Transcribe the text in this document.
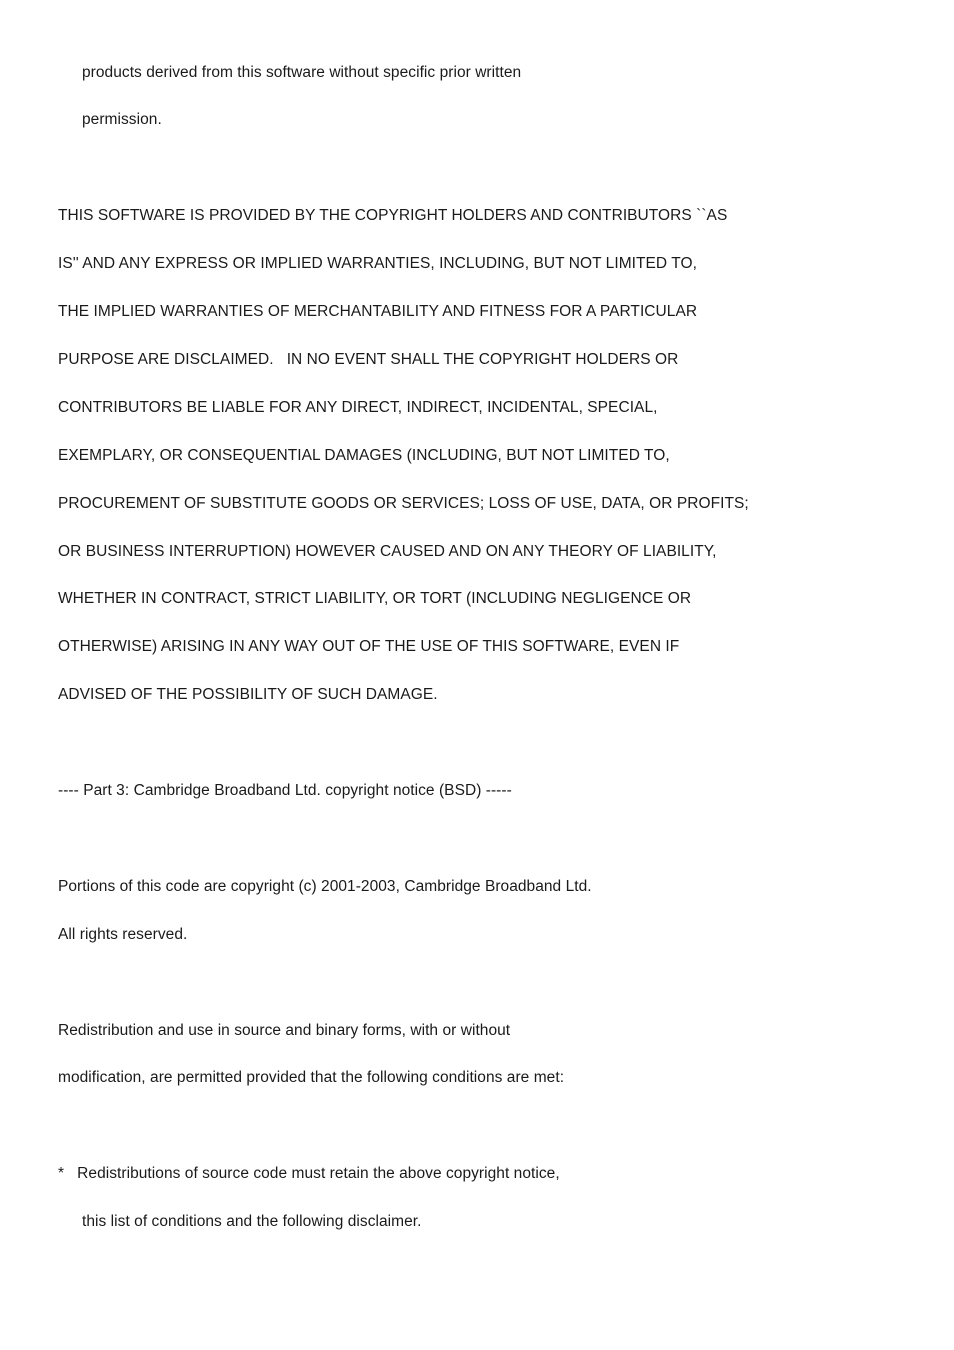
products derived from this software without specific prior written
permission.
THIS SOFTWARE IS PROVIDED BY THE COPYRIGHT HOLDERS AND CONTRIBUTORS ``AS
IS'' AND ANY EXPRESS OR IMPLIED WARRANTIES, INCLUDING, BUT NOT LIMITED TO,
THE IMPLIED WARRANTIES OF MERCHANTABILITY AND FITNESS FOR A PARTICULAR
PURPOSE ARE DISCLAIMED.   IN NO EVENT SHALL THE COPYRIGHT HOLDERS OR
CONTRIBUTORS BE LIABLE FOR ANY DIRECT, INDIRECT, INCIDENTAL, SPECIAL,
EXEMPLARY, OR CONSEQUENTIAL DAMAGES (INCLUDING, BUT NOT LIMITED TO,
PROCUREMENT OF SUBSTITUTE GOODS OR SERVICES; LOSS OF USE, DATA, OR PROFITS;
OR BUSINESS INTERRUPTION) HOWEVER CAUSED AND ON ANY THEORY OF LIABILITY,
WHETHER IN CONTRACT, STRICT LIABILITY, OR TORT (INCLUDING NEGLIGENCE OR
OTHERWISE) ARISING IN ANY WAY OUT OF THE USE OF THIS SOFTWARE, EVEN IF
ADVISED OF THE POSSIBILITY OF SUCH DAMAGE.
---- Part 3: Cambridge Broadband Ltd. copyright notice (BSD) -----
Portions of this code are copyright (c) 2001-2003, Cambridge Broadband Ltd.
All rights reserved.
Redistribution and use in source and binary forms, with or without
modification, are permitted provided that the following conditions are met:
*   Redistributions of source code must retain the above copyright notice,
this list of conditions and the following disclaimer.
